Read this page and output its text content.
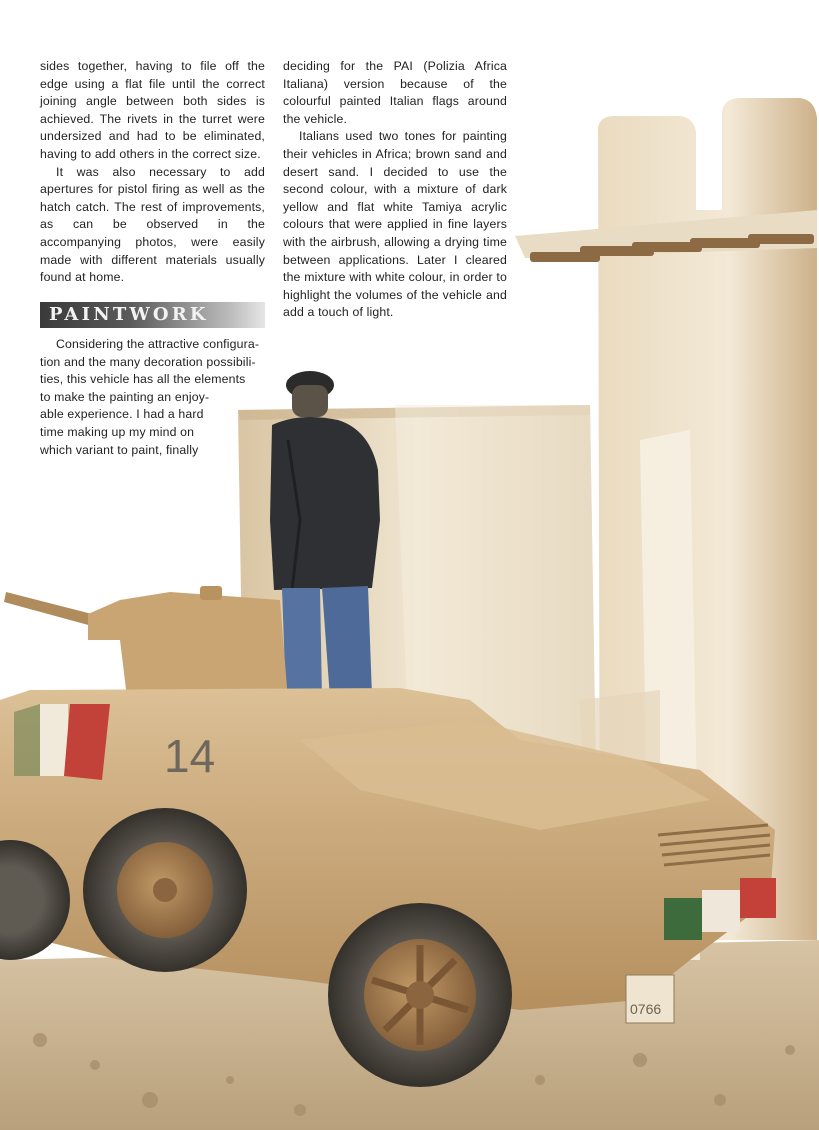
14
0766

sides together, having to file off the edge using a flat file until the correct joining angle between both sides is achieved. The rivets in the turret were undersized and had to be eliminated, having to add others in the correct size.

It was also necessary to add apertures for pistol firing as well as the hatch catch. The rest of improvements, as can be observed in the accompanying photos, were easily made with different materials usually found at home.

PAINTWORK
Considering the attractive configura-
tion and the many decoration possibili-
ties, this vehicle has all the elements
to make the painting an enjoy-
able experience. I had a hard
time making up my mind on
which variant to paint, finally

deciding for the PAI (Polizia Africa Italiana) version because of the colourful painted Italian flags around the vehicle.

Italians used two tones for painting their vehicles in Africa; brown sand and desert sand. I decided to use the second colour, with a mixture of dark yellow and flat white Tamiya acrylic colours that were applied in fine layers with the airbrush, allowing a drying time between applications. Later I cleared the mixture with white colour, in order to highlight the volumes of the vehicle and add a touch of light.
